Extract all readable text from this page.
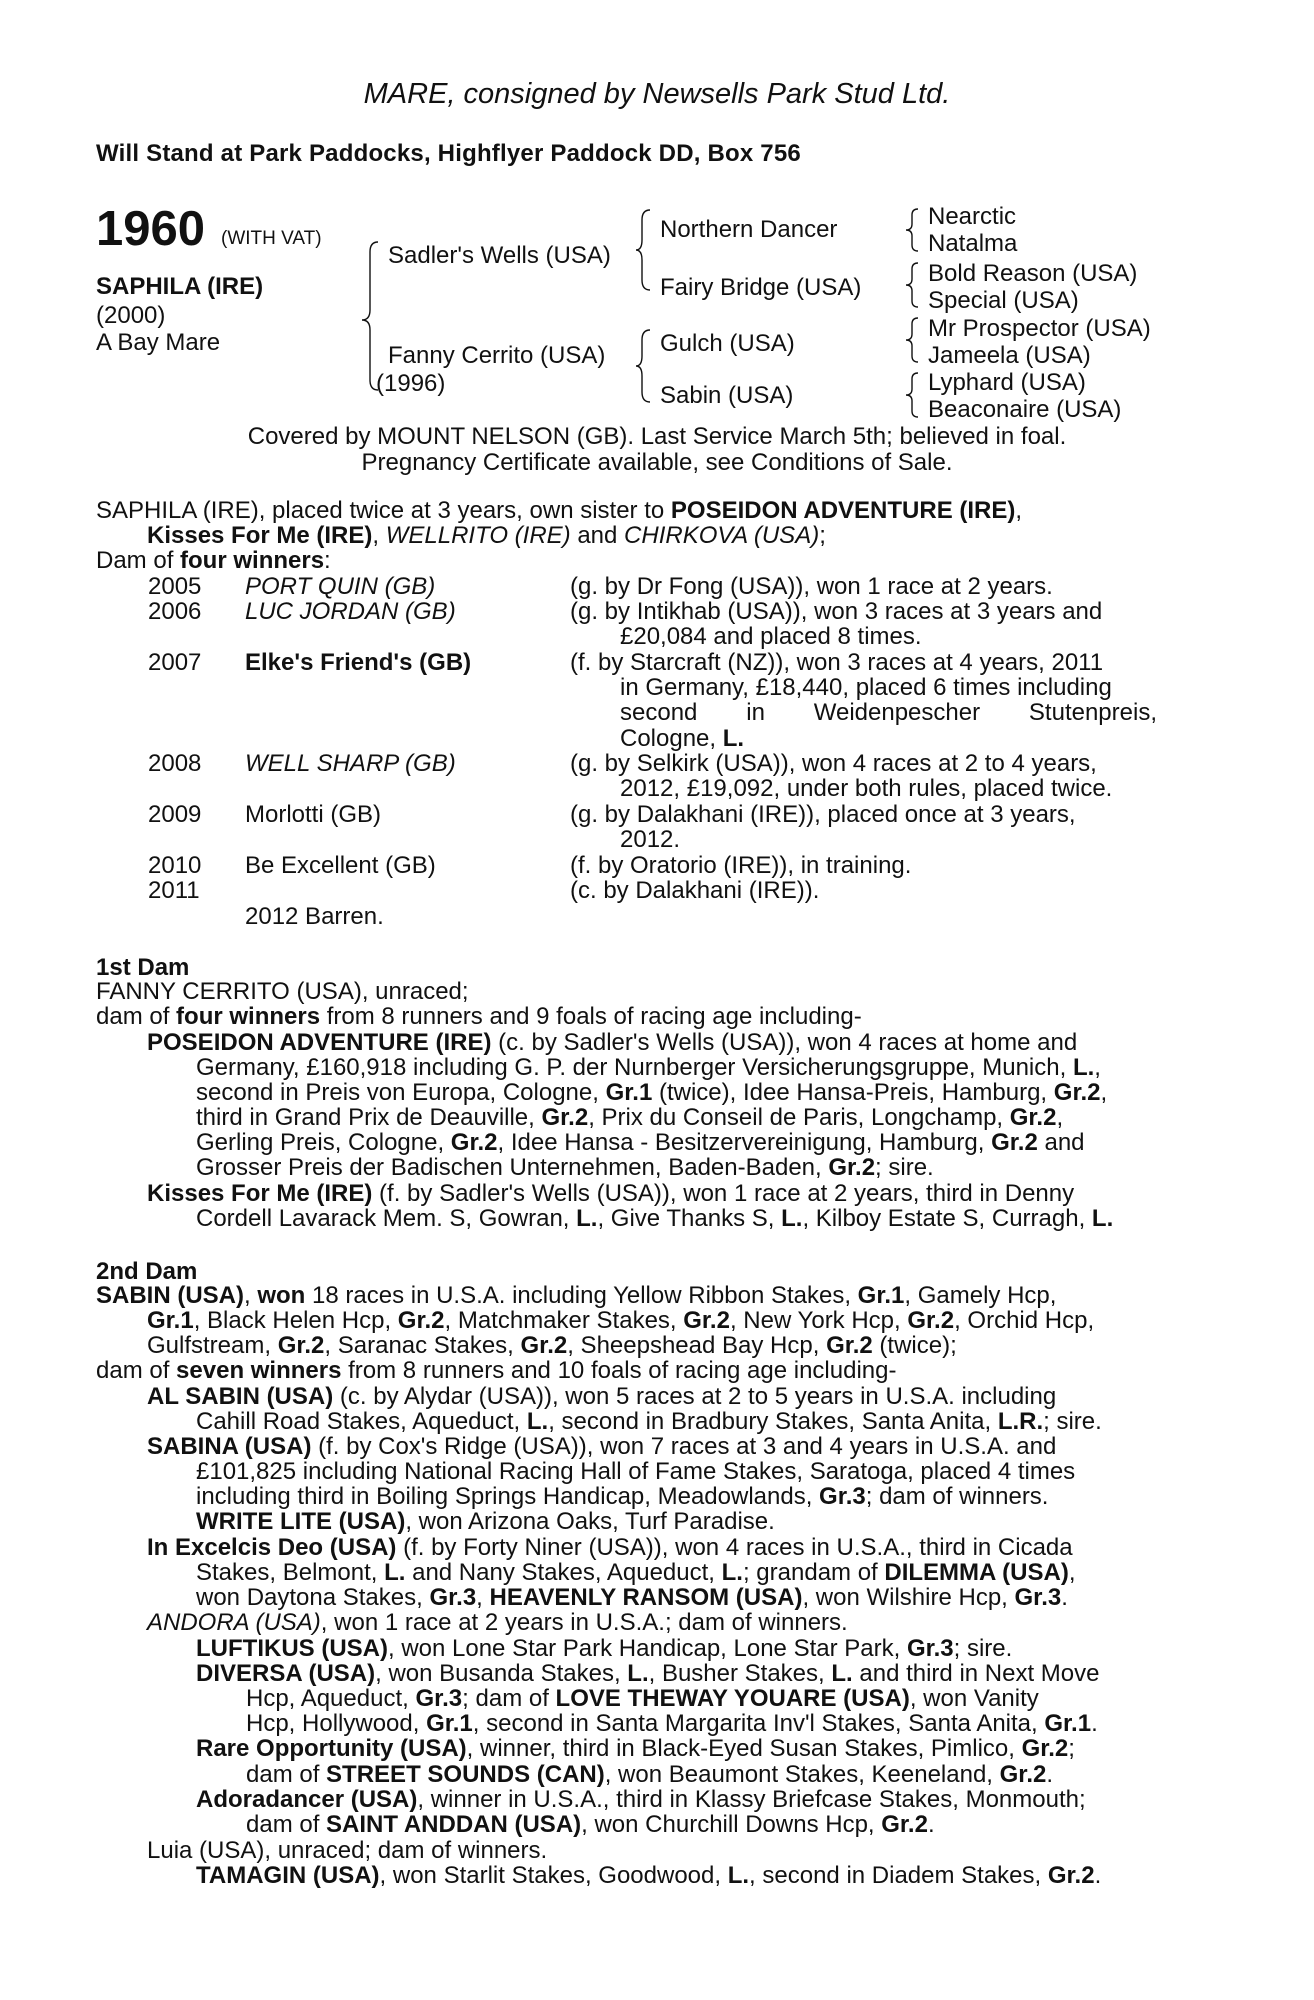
MARE, consigned by Newsells Park Stud Ltd.
Will Stand at Park Paddocks, Highflyer Paddock DD, Box 756
1960 (WITH VAT)
SAPHILA (IRE)
(2000)
A Bay Mare
Sadler's Wells (USA)
Fanny Cerrito (USA)
(1996)
Northern Dancer
Fairy Bridge (USA)
Gulch (USA)
Sabin (USA)
Nearctic
Natalma
Bold Reason (USA)
Special (USA)
Mr Prospector (USA)
Jameela (USA)
Lyphard (USA)
Beaconaire (USA)
Covered by MOUNT NELSON (GB). Last Service March 5th; believed in foal.
Pregnancy Certificate available, see Conditions of Sale.
SAPHILA (IRE), placed twice at 3 years, own sister to POSEIDON ADVENTURE (IRE),
Kisses For Me (IRE), WELLRITO (IRE) and CHIRKOVA (USA);
Dam of four winners:
2005 PORT QUIN (GB)	(g. by Dr Fong (USA)), won 1 race at 2 years.
2006 LUC JORDAN (GB)	(g. by Intikhab (USA)), won 3 races at 3 years and
£20,084 and placed 8 times.
2007 Elke's Friend's (GB)	(f. by Starcraft (NZ)), won 3 races at 4 years, 2011
in Germany, £18,440, placed 6 times including
second in Weidenpescher Stutenpreis,
Cologne, L.
2008 WELL SHARP (GB)	(g. by Selkirk (USA)), won 4 races at 2 to 4 years,
2012, £19,092, under both rules, placed twice.
2009 Morlotti (GB)	(g. by Dalakhani (IRE)), placed once at 3 years,
2012.
2010 Be Excellent (GB)	(f. by Oratorio (IRE)), in training.
2011	(c. by Dalakhani (IRE)).
2012 Barren.
1st Dam
FANNY CERRITO (USA), unraced;
dam of four winners from 8 runners and 9 foals of racing age including-
POSEIDON ADVENTURE (IRE) (c. by Sadler's Wells (USA)), won 4 races at home and
Germany, £160,918 including G. P. der Nurnberger Versicherungsgruppe, Munich, L.,
second in Preis von Europa, Cologne, Gr.1 (twice), Idee Hansa-Preis, Hamburg, Gr.2,
third in Grand Prix de Deauville, Gr.2, Prix du Conseil de Paris, Longchamp, Gr.2,
Gerling Preis, Cologne, Gr.2, Idee Hansa - Besitzervereinigung, Hamburg, Gr.2 and
Grosser Preis der Badischen Unternehmen, Baden-Baden, Gr.2; sire.
Kisses For Me (IRE) (f. by Sadler's Wells (USA)), won 1 race at 2 years, third in Denny
Cordell Lavarack Mem. S, Gowran, L., Give Thanks S, L., Kilboy Estate S, Curragh, L.
2nd Dam
SABIN (USA), won 18 races in U.S.A. including Yellow Ribbon Stakes, Gr.1, Gamely Hcp,
Gr.1, Black Helen Hcp, Gr.2, Matchmaker Stakes, Gr.2, New York Hcp, Gr.2, Orchid Hcp,
Gulfstream, Gr.2, Saranac Stakes, Gr.2, Sheepshead Bay Hcp, Gr.2 (twice);
dam of seven winners from 8 runners and 10 foals of racing age including-
AL SABIN (USA) (c. by Alydar (USA)), won 5 races at 2 to 5 years in U.S.A. including
Cahill Road Stakes, Aqueduct, L., second in Bradbury Stakes, Santa Anita, L.R.; sire.
SABINA (USA) (f. by Cox's Ridge (USA)), won 7 races at 3 and 4 years in U.S.A. and
£101,825 including National Racing Hall of Fame Stakes, Saratoga, placed 4 times
including third in Boiling Springs Handicap, Meadowlands, Gr.3; dam of winners.
WRITE LITE (USA), won Arizona Oaks, Turf Paradise.
In Excelcis Deo (USA) (f. by Forty Niner (USA)), won 4 races in U.S.A., third in Cicada
Stakes, Belmont, L. and Nany Stakes, Aqueduct, L.; grandam of DILEMMA (USA),
won Daytona Stakes, Gr.3, HEAVENLY RANSOM (USA), won Wilshire Hcp, Gr.3.
ANDORA (USA), won 1 race at 2 years in U.S.A.; dam of winners.
LUFTIKUS (USA), won Lone Star Park Handicap, Lone Star Park, Gr.3; sire.
DIVERSA (USA), won Busanda Stakes, L., Busher Stakes, L. and third in Next Move
Hcp, Aqueduct, Gr.3; dam of LOVE THEWAY YOUARE (USA), won Vanity
Hcp, Hollywood, Gr.1, second in Santa Margarita Inv'l Stakes, Santa Anita, Gr.1.
Rare Opportunity (USA), winner, third in Black-Eyed Susan Stakes, Pimlico, Gr.2;
dam of STREET SOUNDS (CAN), won Beaumont Stakes, Keeneland, Gr.2.
Adoradancer (USA), winner in U.S.A., third in Klassy Briefcase Stakes, Monmouth;
dam of SAINT ANDDAN (USA), won Churchill Downs Hcp, Gr.2.
Luia (USA), unraced; dam of winners.
TAMAGIN (USA), won Starlit Stakes, Goodwood, L., second in Diadem Stakes, Gr.2.
